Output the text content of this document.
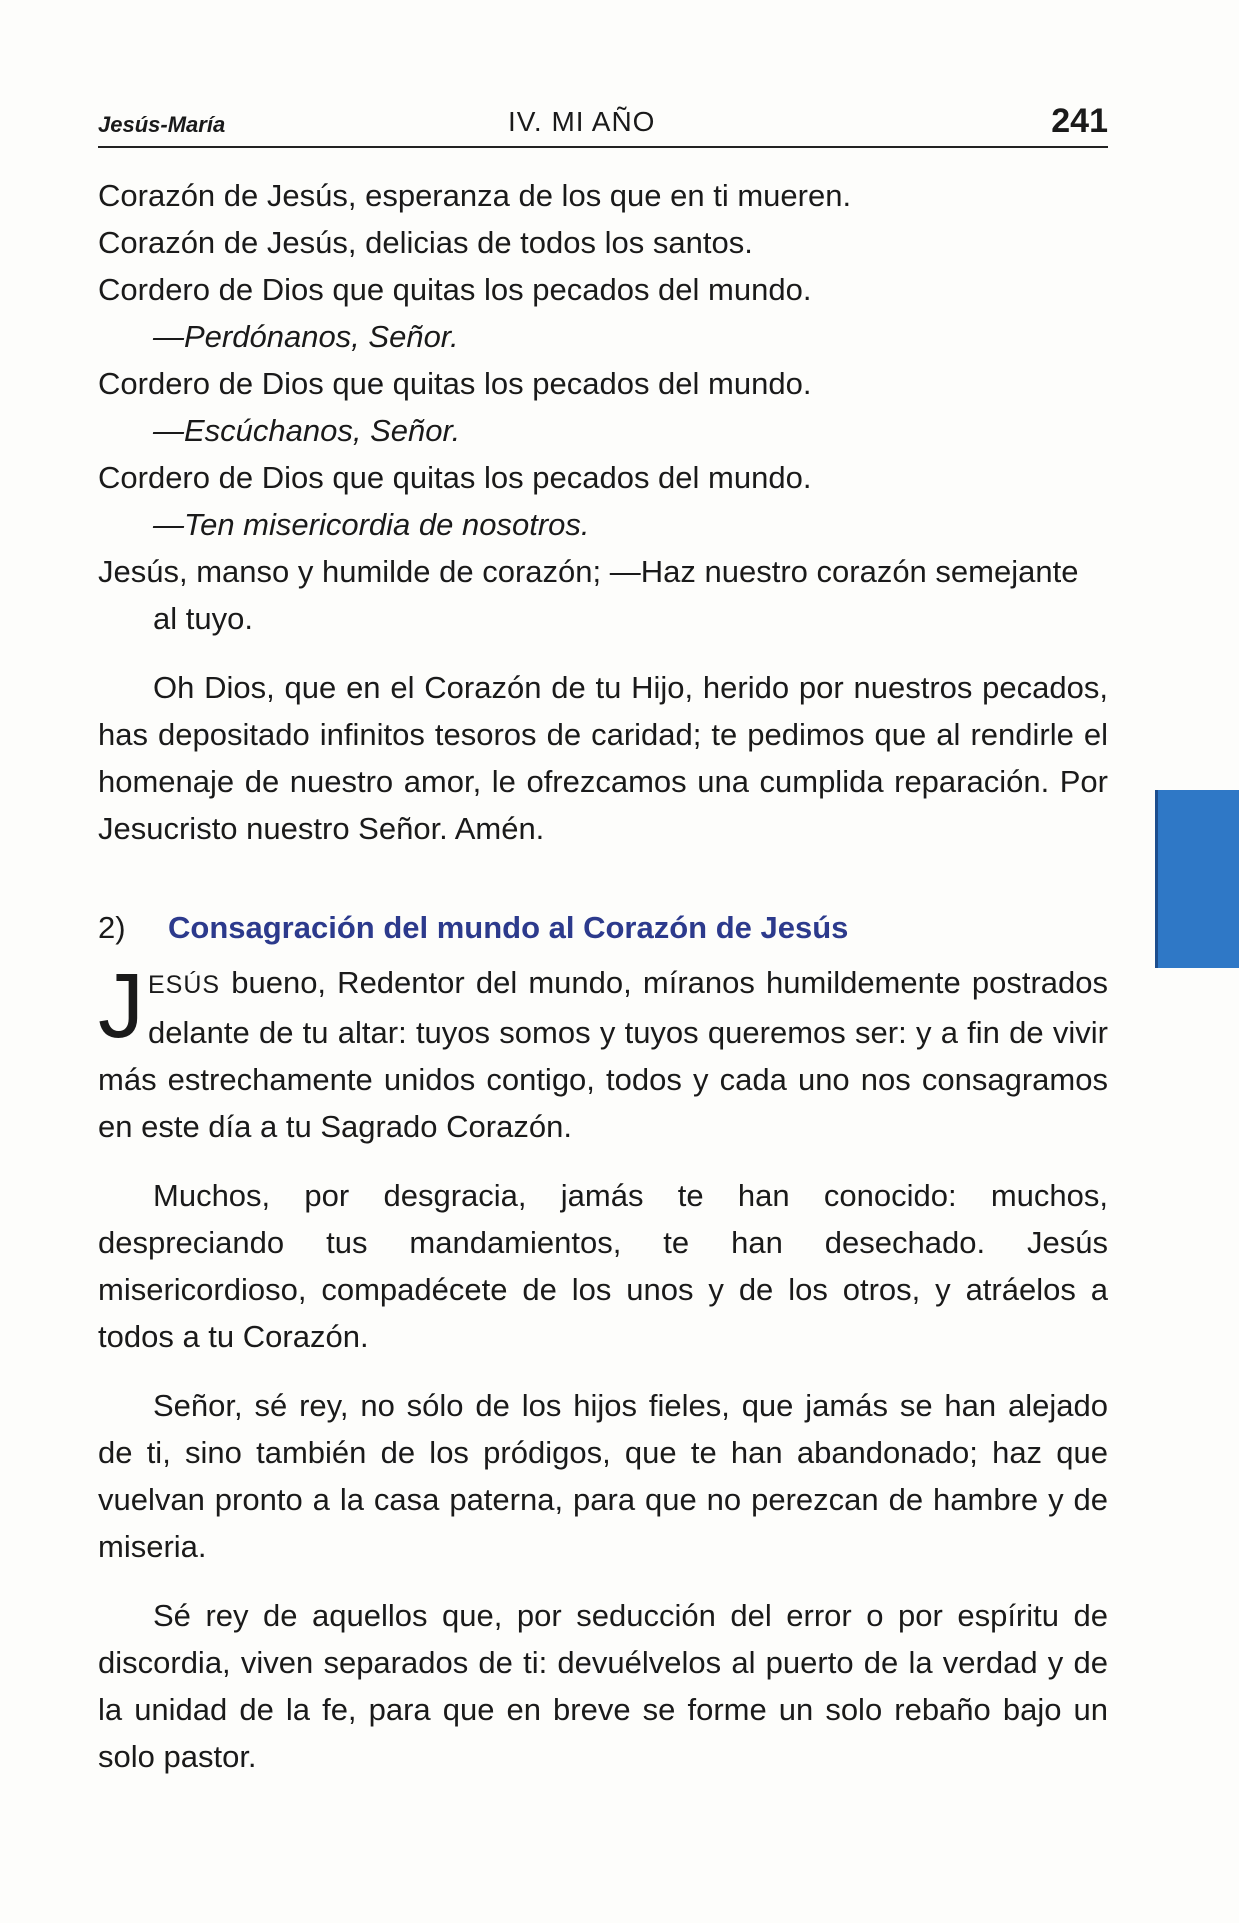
Jesús-María	IV. MI AÑO	241
Corazón de Jesús, esperanza de los que en ti mueren.
Corazón de Jesús, delicias de todos los santos.
Cordero de Dios que quitas los pecados del mundo.
—Perdónanos, Señor.
Cordero de Dios que quitas los pecados del mundo.
—Escúchanos, Señor.
Cordero de Dios que quitas los pecados del mundo.
—Ten misericordia de nosotros.
Jesús, manso y humilde de corazón; —Haz nuestro corazón semejante al tuyo.

Oh Dios, que en el Corazón de tu Hijo, herido por nuestros pecados, has depositado infinitos tesoros de caridad; te pedimos que al rendirle el homenaje de nuestro amor, le ofrezcamos una cumplida reparación. Por Jesucristo nuestro Señor. Amén.

2) Consagración del mundo al Corazón de Jesús
JESÚS bueno, Redentor del mundo, míranos humildemente postrados delante de tu altar: tuyos somos y tuyos queremos ser: y a fin de vivir más estrechamente unidos contigo, todos y cada uno nos consagramos en este día a tu Sagrado Corazón.

Muchos, por desgracia, jamás te han conocido: muchos, despreciando tus mandamientos, te han desechado. Jesús misericordioso, compadécete de los unos y de los otros, y atráelos a todos a tu Corazón.

Señor, sé rey, no sólo de los hijos fieles, que jamás se han alejado de ti, sino también de los pródigos, que te han abandonado; haz que vuelvan pronto a la casa paterna, para que no perezcan de hambre y de miseria.

Sé rey de aquellos que, por seducción del error o por espíritu de discordia, viven separados de ti: devuélvelos al puerto de la verdad y de la unidad de la fe, para que en breve se forme un solo rebaño bajo un solo pastor.
